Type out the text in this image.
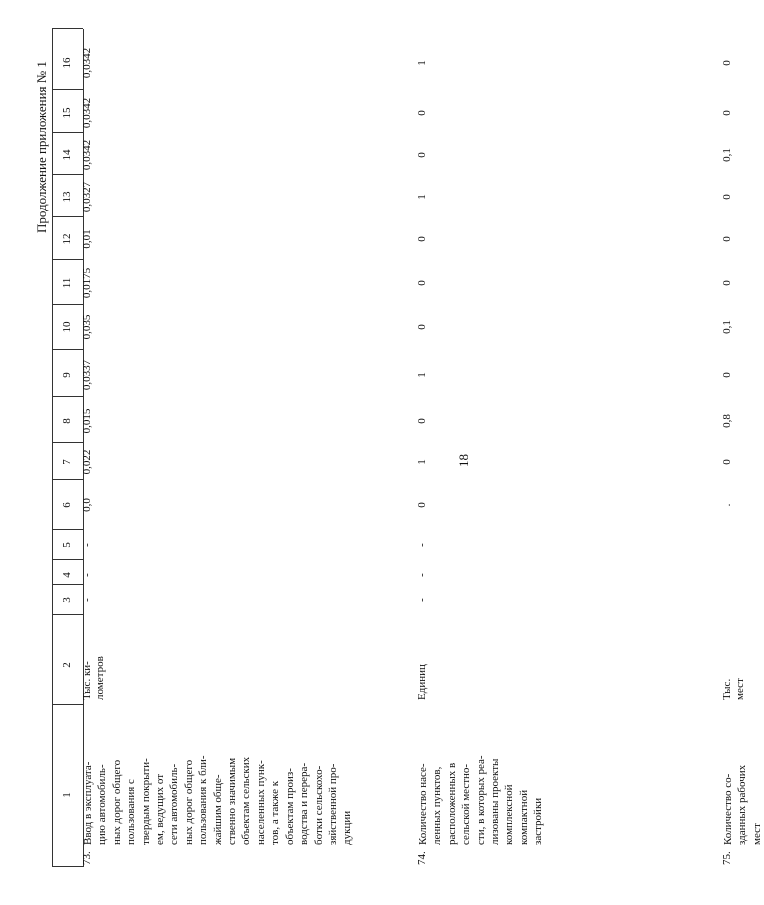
18
Продолжение приложения № 1
1
2
3
4
5
6
7
8
9
10
11
12
13
14
15
16
73.
Ввод в эксплуата- цию автомобиль- ных дорог общего пользования с твердым покрыти- ем, ведущих от сети автомобиль- ных дорог общего пользования к бли- жайшим обще- ственно значимым объектам сельских населенных пунк- тов, а также к объектам произ- водства и перера- ботки сельскохо- зяйственной про- дукции
Тыс. ки-
лометров
-
-
-
0,0
0,022
0,015
0,0337
0,035
0,0175
0,01
0,0327
0,0342
0,0342
0,0342
74.
Количество насе- ленных пунктов, расположенных в сельской местно- сти, в которых реа- лизованы проекты комплексной компактной застройки
Единиц
-
-
-
0
1
0
1
0
0
0
1
0
0
1
75.
Количество со- зданных рабочих мест
Тыс.
мест
.
0
0,8
0
0,1
0
0
0
0,1
0
0
